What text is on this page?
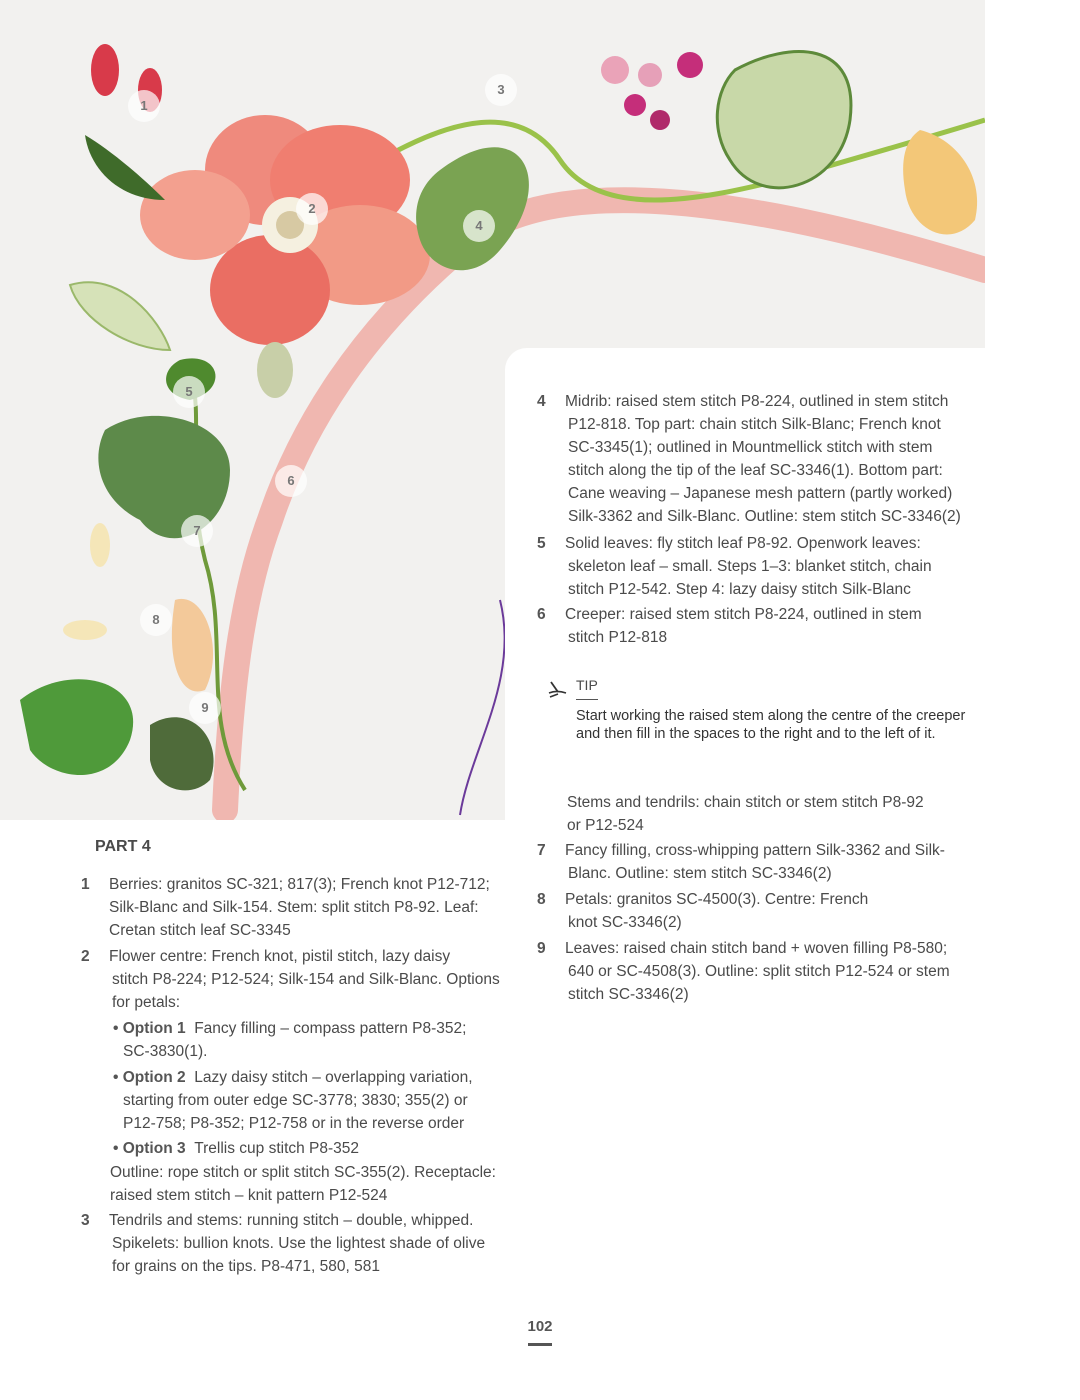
1
2
3
4
5
6
7
8
9
4 Midrib: raised stem stitch P8-224, outlined in stem stitch
P12-818. Top part: chain stitch Silk-Blanc; French knot
SC-3345(1); outlined in Mountmellick stitch with stem
stitch along the tip of the leaf SC-3346(1). Bottom part:
Cane weaving – Japanese mesh pattern (partly worked)
Silk-3362 and Silk-Blanc. Outline: stem stitch SC-3346(2)
5 Solid leaves: fly stitch leaf P8-92. Openwork leaves:
skeleton leaf – small. Steps 1–3: blanket stitch, chain
stitch P12-542. Step 4: lazy daisy stitch Silk-Blanc
6 Creeper: raised stem stitch P8-224, outlined in stem
stitch P12-818
TIP
Start working the raised stem along the centre of the creeper and then fill in the spaces to the right and to the left of it.
Stems and tendrils: chain stitch or stem stitch P8-92
or P12-524
7 Fancy filling, cross-whipping pattern Silk-3362 and Silk-
Blanc. Outline: stem stitch SC-3346(2)
8 Petals: granitos SC-4500(3). Centre: French
knot SC-3346(2)
9 Leaves: raised chain stitch band + woven filling P8-580;
640 or SC-4508(3). Outline: split stitch P12-524 or stem
stitch SC-3346(2)
PART 4
1 Berries: granitos SC-321; 817(3); French knot P12-712;
Silk-Blanc and Silk-154. Stem: split stitch P8-92. Leaf:
Cretan stitch leaf SC-3345
2 Flower centre: French knot, pistil stitch, lazy daisy
stitch P8-224; P12-524; Silk-154 and Silk-Blanc. Options
for petals:
• Option 1 Fancy filling – compass pattern P8-352;
SC-3830(1).
• Option 2 Lazy daisy stitch – overlapping variation,
starting from outer edge SC-3778; 3830; 355(2) or
P12-758; P8-352; P12-758 or in the reverse order
• Option 3 Trellis cup stitch P8-352
Outline: rope stitch or split stitch SC-355(2). Receptacle:
raised stem stitch – knit pattern P12-524
3 Tendrils and stems: running stitch – double, whipped.
Spikelets: bullion knots. Use the lightest shade of olive
for grains on the tips. P8-471, 580, 581
102
